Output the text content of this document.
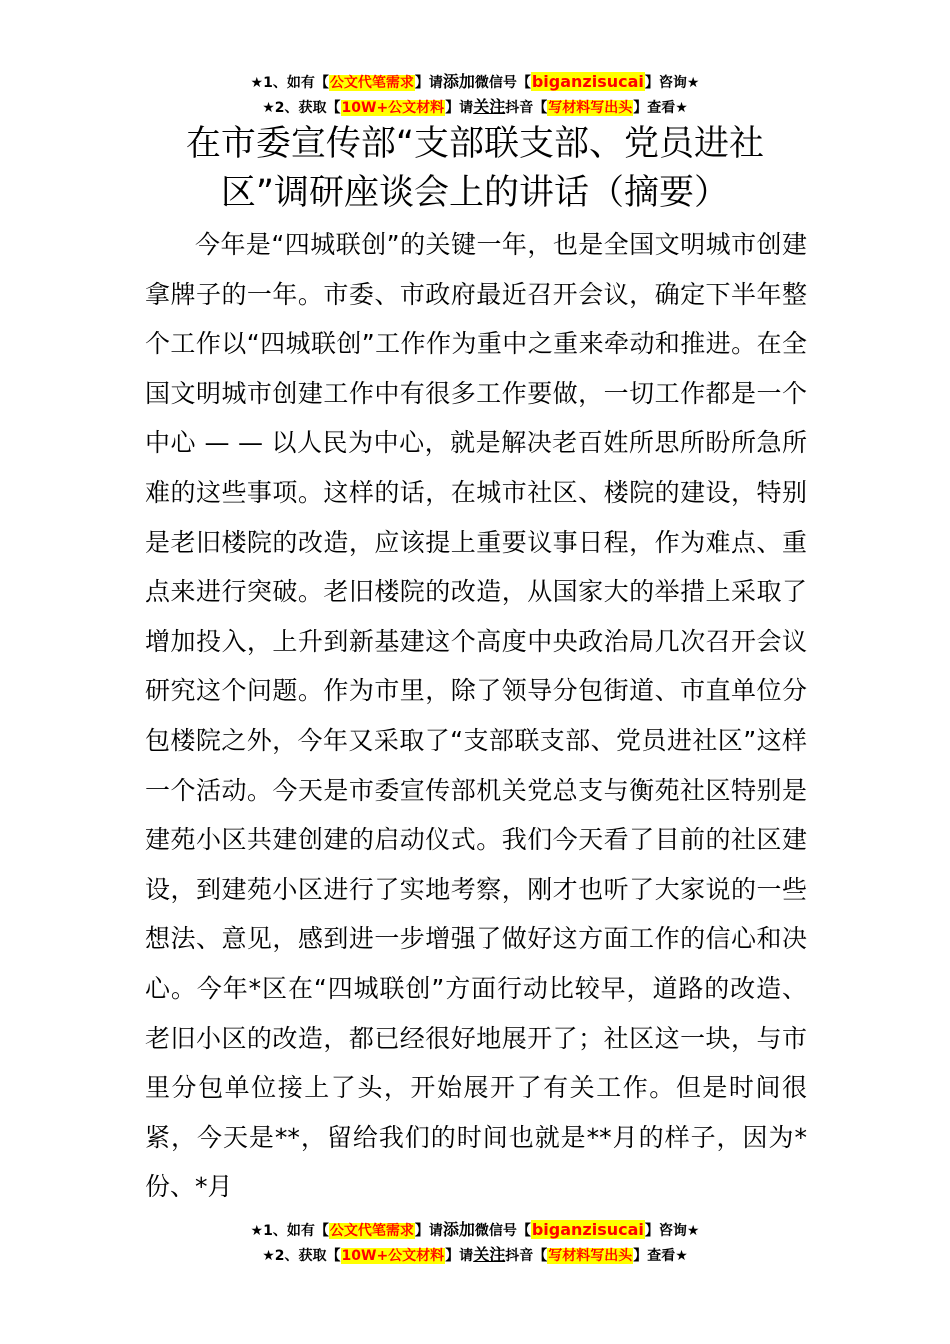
★1、如有【公文代笔需求】请添加微信号【biganzisucai】咨询★
★2、获取【10W+公文材料】请关注抖音【写材料写出头】查看★
在市委宣传部“支部联支部、党员进社区”调研座谈会上的讲话（摘要）

今年是“四城联创”的关键一年，也是全国文明城市创建拿牌子的一年。市委、市政府最近召开会议，确定下半年整个工作以“四城联创”工作作为重中之重来牵动和推进。在全国文明城市创建工作中有很多工作要做，一切工作都是一个中心 — — 以人民为中心，就是解决老百姓所思所盼所急所难的这些事项。这样的话，在城市社区、楼院的建设，特别是老旧楼院的改造，应该提上重要议事日程，作为难点、重点来进行突破。老旧楼院的改造，从国家大的举措上采取了增加投入，上升到新基建这个高度中央政治局几次召开会议研究这个问题。作为市里，除了领导分包街道、市直单位分包楼院之外，今年又采取了“支部联支部、党员进社区”这样一个活动。今天是市委宣传部机关党总支与衡苑社区特别是建苑小区共建创建的启动仪式。我们今天看了目前的社区建设，到建苑小区进行了实地考察，刚才也听了大家说的一些想法、意见，感到进一步增强了做好这方面工作的信心和决心。今年*区在“四城联创”方面行动比较早，道路的改造、老旧小区的改造，都已经很好地展开了；社区这一块，与市里分包单位接上了头，开始展开了有关工作。但是时间很紧，今天是**，留给我们的时间也就是**月的样子，因为*份、*月

★1、如有【公文代笔需求】请添加微信号【biganzisucai】咨询★
★2、获取【10W+公文材料】请关注抖音【写材料写出头】查看★
